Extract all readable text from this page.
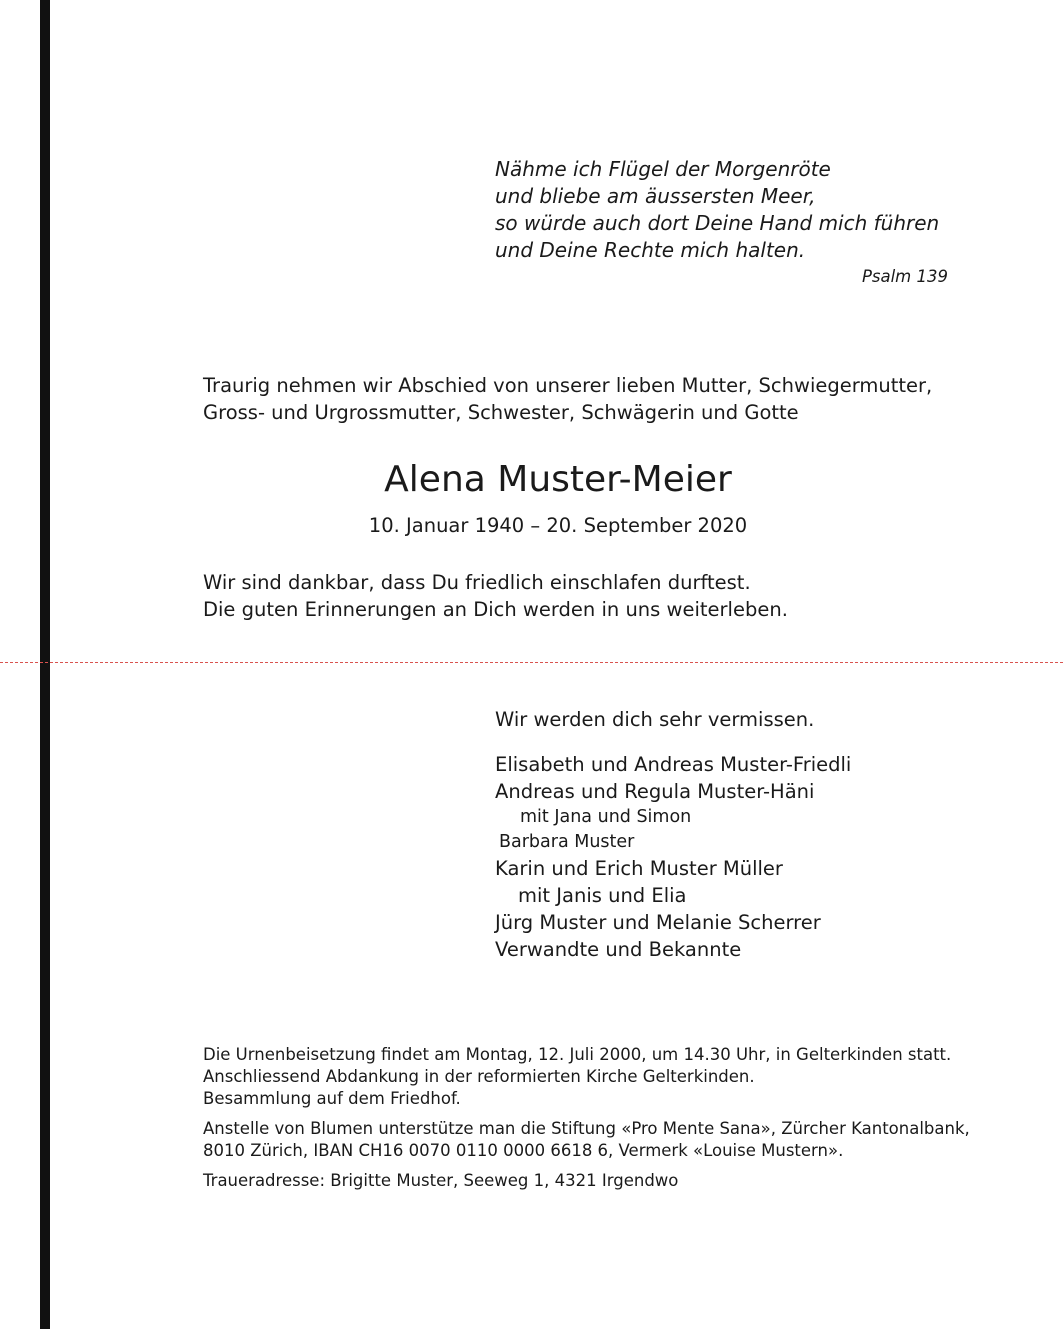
Nähme ich Flügel der Morgenröte
und bliebe am äussersten Meer,
so würde auch dort Deine Hand mich führen
und Deine Rechte mich halten.
Psalm 139
Traurig nehmen wir Abschied von unserer lieben Mutter, Schwiegermutter,
Gross- und Urgrossmutter, Schwester, Schwägerin und Gotte
Alena Muster-Meier
10. Januar 1940 – 20. September 2020
Wir sind dankbar, dass Du friedlich einschlafen durftest.
Die guten Erinnerungen an Dich werden in uns weiterleben.
Wir werden dich sehr vermissen.
Elisabeth und Andreas Muster-Friedli
Andreas und Regula Muster-Häni
mit Jana und Simon
Barbara Muster
Karin und Erich Muster Müller
mit Janis und Elia
Jürg Muster und Melanie Scherrer
Verwandte und Bekannte
Die Urnenbeisetzung findet am Montag, 12. Juli 2000, um 14.30 Uhr, in Gelterkinden statt.
Anschliessend Abdankung in der reformierten Kirche Gelterkinden.
Besammlung auf dem Friedhof.
Anstelle von Blumen unterstütze man die Stiftung «Pro Mente Sana», Zürcher Kantonalbank,
8010 Zürich, IBAN CH16 0070 0110 0000 6618 6, Vermerk «Louise Mustern».
Traueradresse: Brigitte Muster, Seeweg 1, 4321 Irgendwo
